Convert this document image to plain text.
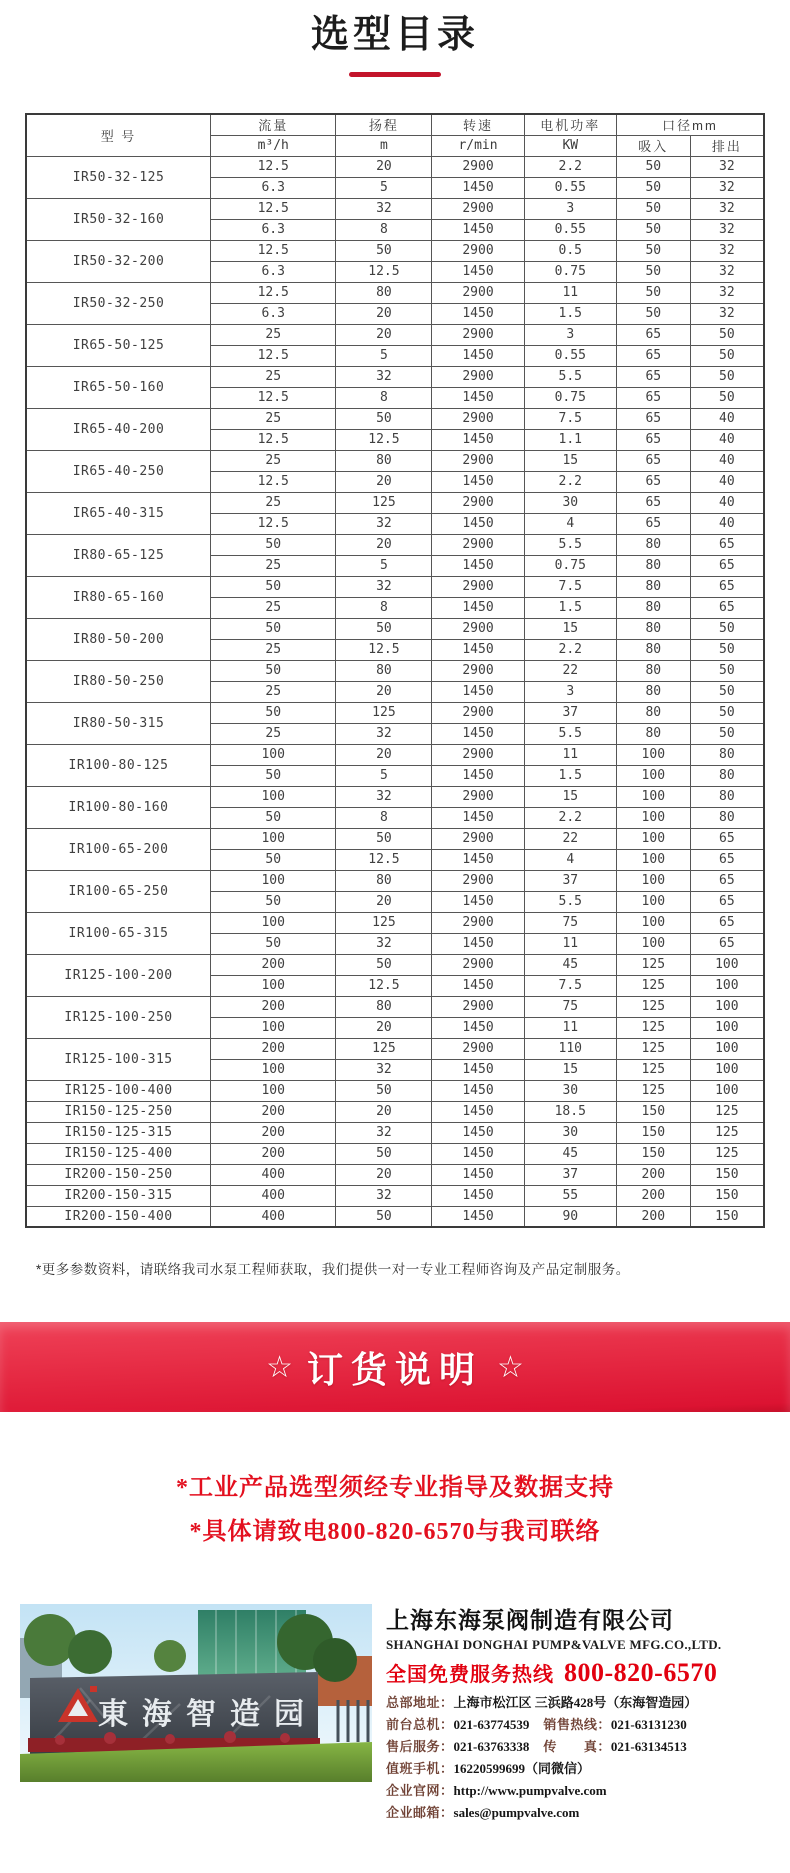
选型目录
型 号	流量	扬程	转速	电机功率	口径mm	
	m³/h	m	r/min	KW	吸入	排出
IR50-32-125	12.5	20	2900	2.2	50	32
	6.3	5	1450	0.55	50	32
IR50-32-160	12.5	32	2900	3	50	32
	6.3	8	1450	0.55	50	32
IR50-32-200	12.5	50	2900	0.5	50	32
	6.3	12.5	1450	0.75	50	32
IR50-32-250	12.5	80	2900	11	50	32
	6.3	20	1450	1.5	50	32
IR65-50-125	25	20	2900	3	65	50
	12.5	5	1450	0.55	65	50
IR65-50-160	25	32	2900	5.5	65	50
	12.5	8	1450	0.75	65	50
IR65-40-200	25	50	2900	7.5	65	40
	12.5	12.5	1450	1.1	65	40
IR65-40-250	25	80	2900	15	65	40
	12.5	20	1450	2.2	65	40
IR65-40-315	25	125	2900	30	65	40
	12.5	32	1450	4	65	40
IR80-65-125	50	20	2900	5.5	80	65
	25	5	1450	0.75	80	65
IR80-65-160	50	32	2900	7.5	80	65
	25	8	1450	1.5	80	65
IR80-50-200	50	50	2900	15	80	50
	25	12.5	1450	2.2	80	50
IR80-50-250	50	80	2900	22	80	50
	25	20	1450	3	80	50
IR80-50-315	50	125	2900	37	80	50
	25	32	1450	5.5	80	50
IR100-80-125	100	20	2900	11	100	80
	50	5	1450	1.5	100	80
IR100-80-160	100	32	2900	15	100	80
	50	8	1450	2.2	100	80
IR100-65-200	100	50	2900	22	100	65
	50	12.5	1450	4	100	65
IR100-65-250	100	80	2900	37	100	65
	50	20	1450	5.5	100	65
IR100-65-315	100	125	2900	75	100	65
	50	32	1450	11	100	65
IR125-100-200	200	50	2900	45	125	100
	100	12.5	1450	7.5	125	100
IR125-100-250	200	80	2900	75	125	100
	100	20	1450	11	125	100
IR125-100-315	200	125	2900	110	125	100
	100	32	1450	15	125	100
IR125-100-400	100	50	1450	30	125	100
IR150-125-250	200	20	1450	18.5	150	125
IR150-125-315	200	32	1450	30	150	125
IR150-125-400	200	50	1450	45	150	125
IR200-150-250	400	20	1450	37	200	150
IR200-150-315	400	32	1450	55	200	150
IR200-150-400	400	50	1450	90	200	150
*更多参数资料，请联络我司水泵工程师获取，我们提供一对一专业工程师咨询及产品定制服务。
☆ 订货说明 ☆
*工业产品选型须经专业指导及数据支持
*具体请致电800-820-6570与我司联络
東海智造园
上海东海泵阀制造有限公司
SHANGHAI DONGHAI PUMP&VALVE MFG.CO.,LTD.
全国免费服务热线 800-820-6570
总部地址：上海市松江区 三浜路428号（东海智造园）
前台总机：021-63774539 销售热线：021-63131230
售后服务：021-63763338 传　　真：021-63134513
值班手机：16220599699（同微信）
企业官网：http://www.pumpvalve.com
企业邮箱：sales@pumpvalve.com
